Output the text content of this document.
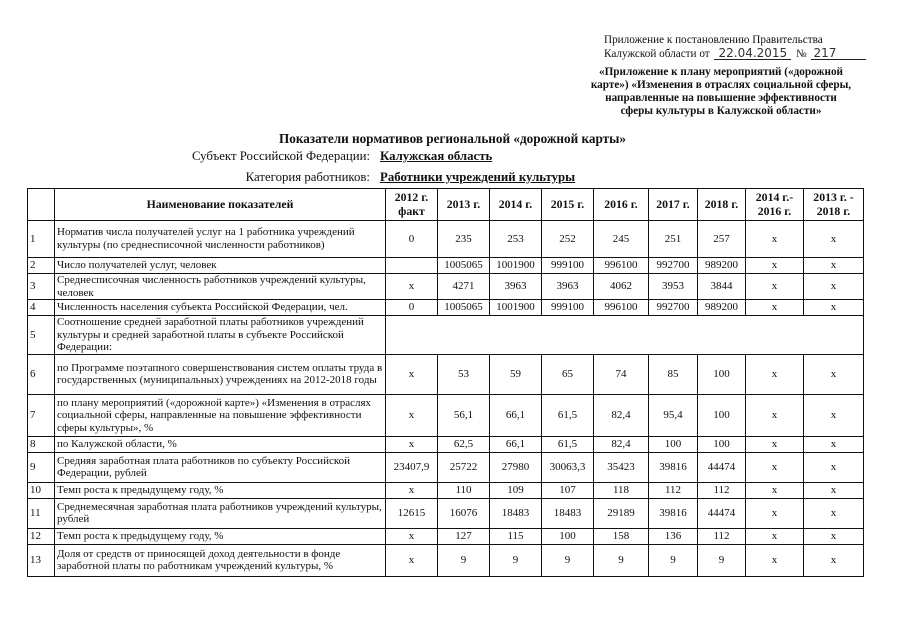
Приложение к постановлению Правительства
Калужской области от 22.04.2015 № 217
«Приложение к плану мероприятий («дорожной карте») «Изменения в отраслях социальной сферы, направленные на повышение эффективности сферы культуры в Калужской области»
Показатели нормативов региональной «дорожной карты»
Субъект Российской Федерации: Калужская область
Категория работников: Работники учреждений культуры
	Наименование показателей	2012 г. факт	2013 г.	2014 г.	2015 г.	2016 г.	2017 г.	2018 г.	2014 г.- 2016 г.	2013 г. - 2018 г.
1	Норматив числа получателей услуг на 1 работника учреждений культуры (по среднесписочной численности работников)	0	235	253	252	245	251	257	x	x
2	Число получателей услуг, человек		1005065	1001900	999100	996100	992700	989200	x	x
3	Среднесписочная численность работников учреждений культуры, человек	x	4271	3963	3963	4062	3953	3844	x	x
4	Численность населения субъекта Российской Федерации, чел.	0	1005065	1001900	999100	996100	992700	989200	x	x
5	Соотношение средней заработной платы работников учреждений культуры и средней заработной платы в субъекте Российской Федерации:									
6	по Программе поэтапного совершенствования систем оплаты труда в государственных (муниципальных) учреждениях на 2012-2018 годы	x	53	59	65	74	85	100	x	x
7	по плану мероприятий («дорожной карте») «Изменения в отраслях социальной сферы, направленные на повышение эффективности сферы культуры», %	x	56,1	66,1	61,5	82,4	95,4	100	x	x
8	по Калужской области, %	x	62,5	66,1	61,5	82,4	100	100	x	x
9	Средняя заработная плата работников по субъекту Российской Федерации, рублей	23407,9	25722	27980	30063,3	35423	39816	44474	x	x
10	Темп роста к предыдущему году, %	x	110	109	107	118	112	112	x	x
11	Среднемесячная заработная плата работников учреждений культуры, рублей	12615	16076	18483	18483	29189	39816	44474	x	x
12	Темп роста к предыдущему году, %	x	127	115	100	158	136	112	x	x
13	Доля от средств от приносящей доход деятельности в фонде заработной платы по работникам учреждений культуры, %	x	9	9	9	9	9	9	x	x
